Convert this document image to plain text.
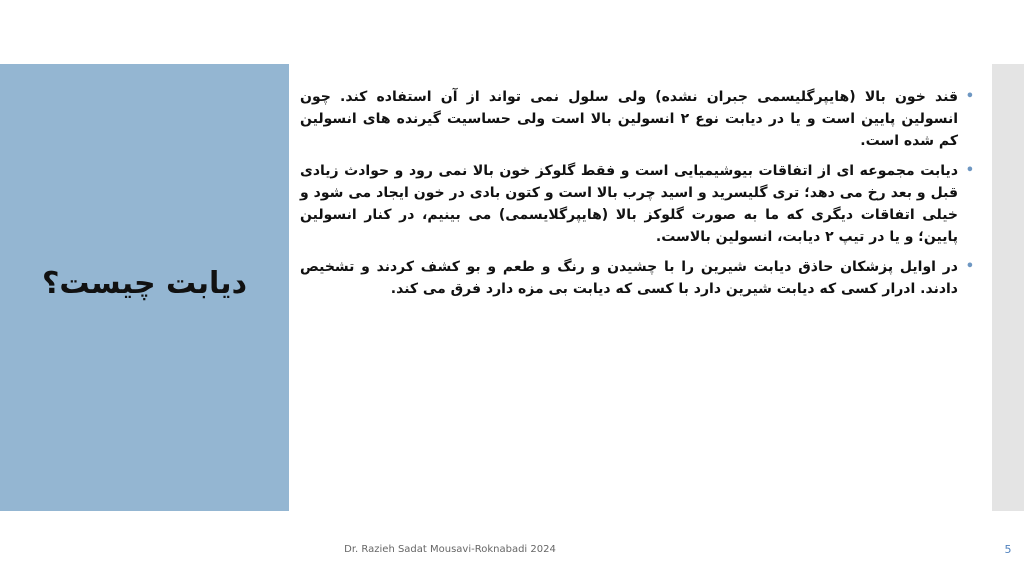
دیابت چیست؟
• قند خون بالا (هایپرگلیسمی جبران نشده) ولی سلول نمی تواند از آن استفاده کند. چون انسولین پایین است و یا در دیابت نوع ۲ انسولین بالا است ولی حساسیت گیرنده های انسولین کم شده است.
• دیابت مجموعه ای از اتفاقات بیوشیمیایی است و فقط گلوکز خون بالا نمی رود و حوادث زیادی قبل و بعد رخ می دهد؛ تری گلیسرید و اسید چرب بالا است و کتون بادی در خون ایجاد می شود و خیلی اتفاقات دیگری که ما به صورت گلوکز بالا (هایپرگلایسمی) می بینیم، در کنار انسولین پایین؛ و یا در تیپ ۲ دیابت، انسولین بالاست.
• در اوایل پزشکان حاذق دیابت شیرین را با چشیدن و رنگ و طعم و بو کشف کردند و تشخیص دادند. ادرار کسی که دیابت شیرین دارد با کسی که دیابت بی مزه دارد فرق می کند.
Dr. Razieh Sadat Mousavi-Roknabadi 2024	5
